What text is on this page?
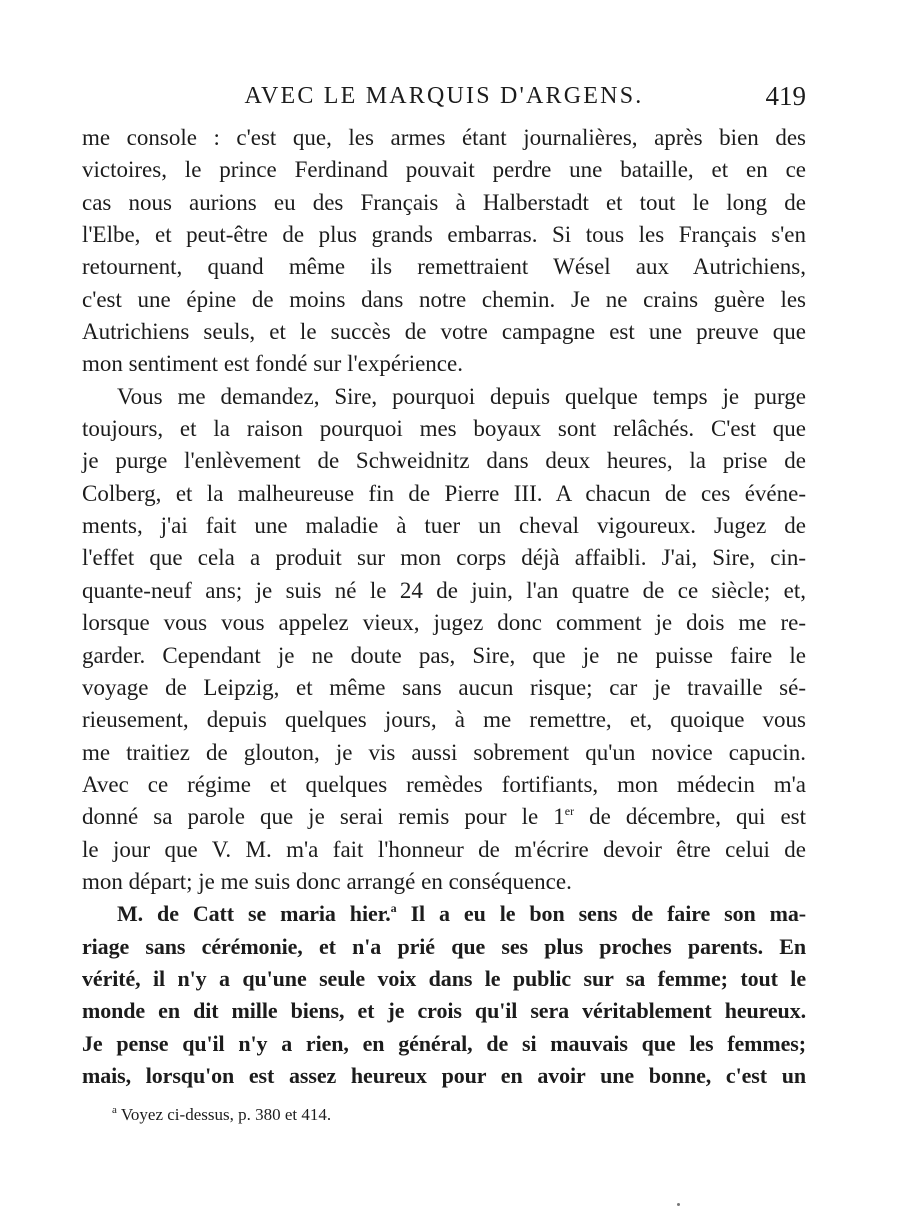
AVEC LE MARQUIS D'ARGENS.	419
me console : c'est que, les armes étant journalières, après bien des
victoires, le prince Ferdinand pouvait perdre une bataille, et en ce
cas nous aurions eu des Français à Halberstadt et tout le long de
l'Elbe, et peut-être de plus grands embarras. Si tous les Français s'en
retournent, quand même ils remettraient Wésel aux Autrichiens,
c'est une épine de moins dans notre chemin. Je ne crains guère les
Autrichiens seuls, et le succès de votre campagne est une preuve que
mon sentiment est fondé sur l'expérience.
Vous me demandez, Sire, pourquoi depuis quelque temps je purge
toujours, et la raison pourquoi mes boyaux sont relâchés. C'est que
je purge l'enlèvement de Schweidnitz dans deux heures, la prise de
Colberg, et la malheureuse fin de Pierre III. A chacun de ces événe-
ments, j'ai fait une maladie à tuer un cheval vigoureux. Jugez de
l'effet que cela a produit sur mon corps déjà affaibli. J'ai, Sire, cin-
quante-neuf ans; je suis né le 24 de juin, l'an quatre de ce siècle; et,
lorsque vous vous appelez vieux, jugez donc comment je dois me re-
garder. Cependant je ne doute pas, Sire, que je ne puisse faire le
voyage de Leipzig, et même sans aucun risque; car je travaille sé-
rieusement, depuis quelques jours, à me remettre, et, quoique vous
me traitiez de glouton, je vis aussi sobrement qu'un novice capucin.
Avec ce régime et quelques remèdes fortifiants, mon médecin m'a
donné sa parole que je serai remis pour le 1er de décembre, qui est
le jour que V. M. m'a fait l'honneur de m'écrire devoir être celui de
mon départ; je me suis donc arrangé en conséquence.
M. de Catt se maria hier.$^a$ Il a eu le bon sens de faire son ma-
riage sans cérémonie, et n'a prié que ses plus proches parents. En
vérité, il n'y a qu'une seule voix dans le public sur sa femme; tout le
monde en dit mille biens, et je crois qu'il sera véritablement heureux.
Je pense qu'il n'y a rien, en général, de si mauvais que les femmes;
mais, lorsqu'on est assez heureux pour en avoir une bonne, c'est un
$^a$ Voyez ci-dessus, p. 380 et 414.
